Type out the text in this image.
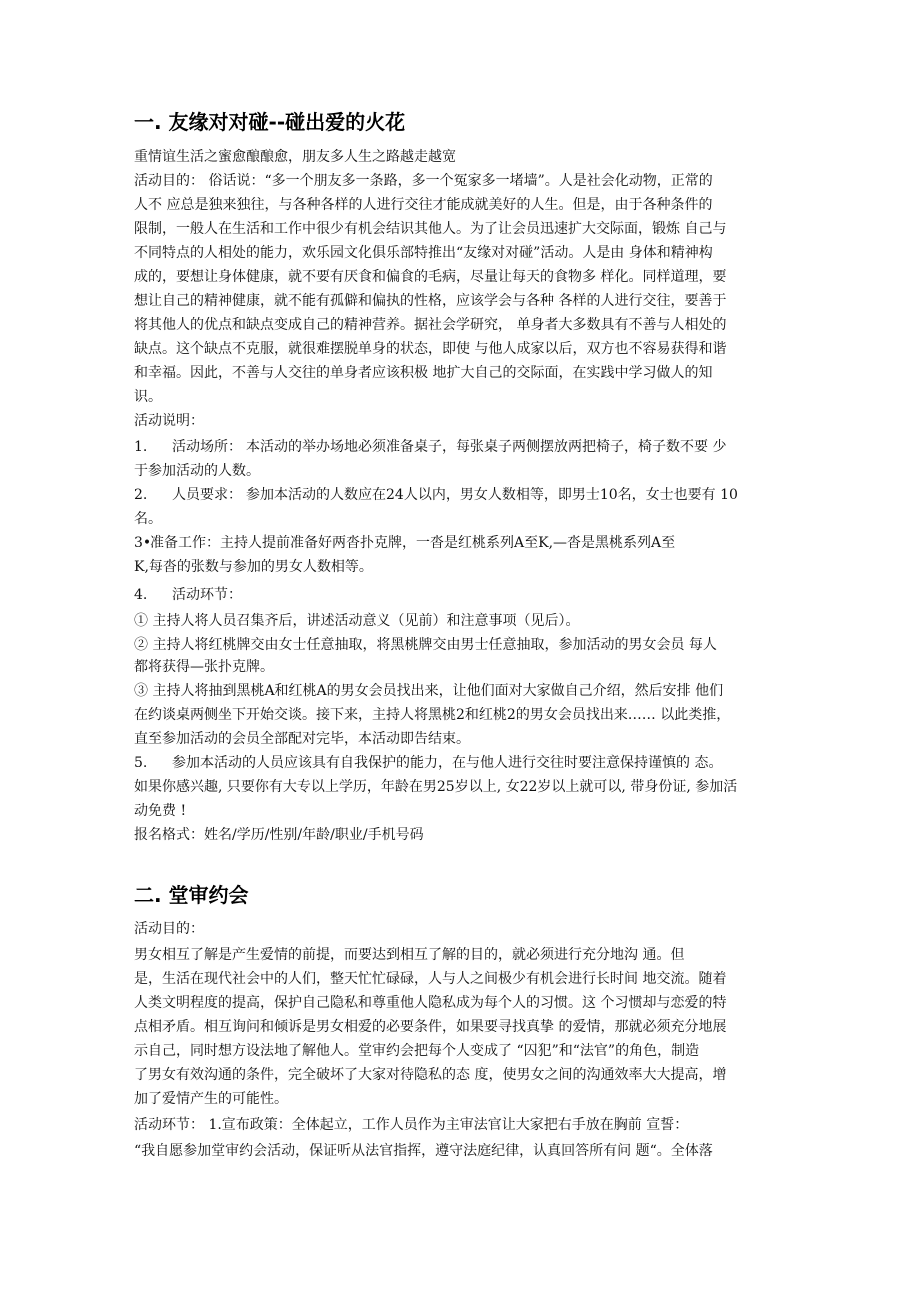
一. 友缘对对碰--碰出爱的火花
重情谊生活之蜜愈酿酿愈，朋友多人生之路越走越宽
活动目的： 俗话说：“多一个朋友多一条路，多一个冤家多一堵墙”。人是社会化动物，正常的
人不 应总是独来独往，与各种各样的人进行交往才能成就美好的人生。但是，由于各种条件的
限制，一般人在生活和工作中很少有机会结识其他人。为了让会员迅速扩大交际面，锻炼 自己与
不同特点的人相处的能力，欢乐园文化俱乐部特推出“友缘对对碰”活动。人是由 身体和精神构
成的，要想让身体健康，就不要有厌食和偏食的毛病，尽量让每天的食物多 样化。同样道理，要
想让自己的精神健康，就不能有孤僻和偏执的性格，应该学会与各种 各样的人进行交往，要善于
将其他人的优点和缺点变成自己的精神营养。据社会学研究， 单身者大多数具有不善与人相处的
缺点。这个缺点不克服，就很难摆脱单身的状态，即使 与他人成家以后，双方也不容易获得和谐
和幸福。因此，不善与人交往的单身者应该积极 地扩大自己的交际面，在实践中学习做人的知
识。
活动说明：
1. 活动场所： 本活动的举办场地必须准备桌子，每张桌子两侧摆放两把椅子，椅子数不要 少
于参加活动的人数。
2. 人员要求： 参加本活动的人数应在24人以内，男女人数相等，即男士10名，女士也要有 10
名。
3•
准备工作：主持人提前准备好两沓扑克牌，一沓是红桃系列A至K,—沓是黑桃系列A至
K,每沓的张数与参加的男女人数相等。
4. 活动环节：
① 主持人将人员召集齐后，讲述活动意义（见前）和注意事项（见后）。
② 主持人将红桃牌交由女士任意抽取，将黑桃牌交由男士任意抽取，参加活动的男女会员 每人
都将获得—张扑克牌。
③ 主持人将抽到黑桃A和红桃A的男女会员找出来，让他们面对大家做自己介绍，然后安排 他们
在约谈桌两侧坐下开始交谈。接下来，主持人将黑桃2和红桃2的男女会员找出来…… 以此类推，
直至参加活动的会员全部配对完毕，本活动即告结束。
5. 参加本活动的人员应该具有自我保护的能力，在与他人进行交往时要注意保持谨慎的 态。
如果你感兴趣, 只要你有大专以上学历，年龄在男25岁以上, 女22岁以上就可以, 带身份证, 参加活
动免费 !
报名格式：姓名/学历/性别/年龄/职业/手机号码
二. 堂审约会
活动目的：
男女相互了解是产生爱情的前提，而要达到相互了解的目的，就必须进行充分地沟 通。但
是，生活在现代社会中的人们，整天忙忙碌碌，人与人之间极少有机会进行长时间 地交流。随着
人类文明程度的提高，保护自己隐私和尊重他人隐私成为每个人的习惯。这 个习惯却与恋爱的特
点相矛盾。相互询问和倾诉是男女相爱的必要条件，如果要寻找真挚 的爱情，那就必须充分地展
示自己，同时想方设法地了解他人。堂审约会把每个人变成了 “囚犯”和“法官”的角色，制造
了男女有效沟通的条件，完全破坏了大家对待隐私的态 度，使男女之间的沟通效率大大提高，增
加了爱情产生的可能性。
活动环节： 1.宣布政策：全体起立，工作人员作为主审法官让大家把右手放在胸前 宣誓：
“我自愿参加堂审约会活动，保证听从法官指挥，遵守法庭纪律，认真回答所有问 题“。全体落
